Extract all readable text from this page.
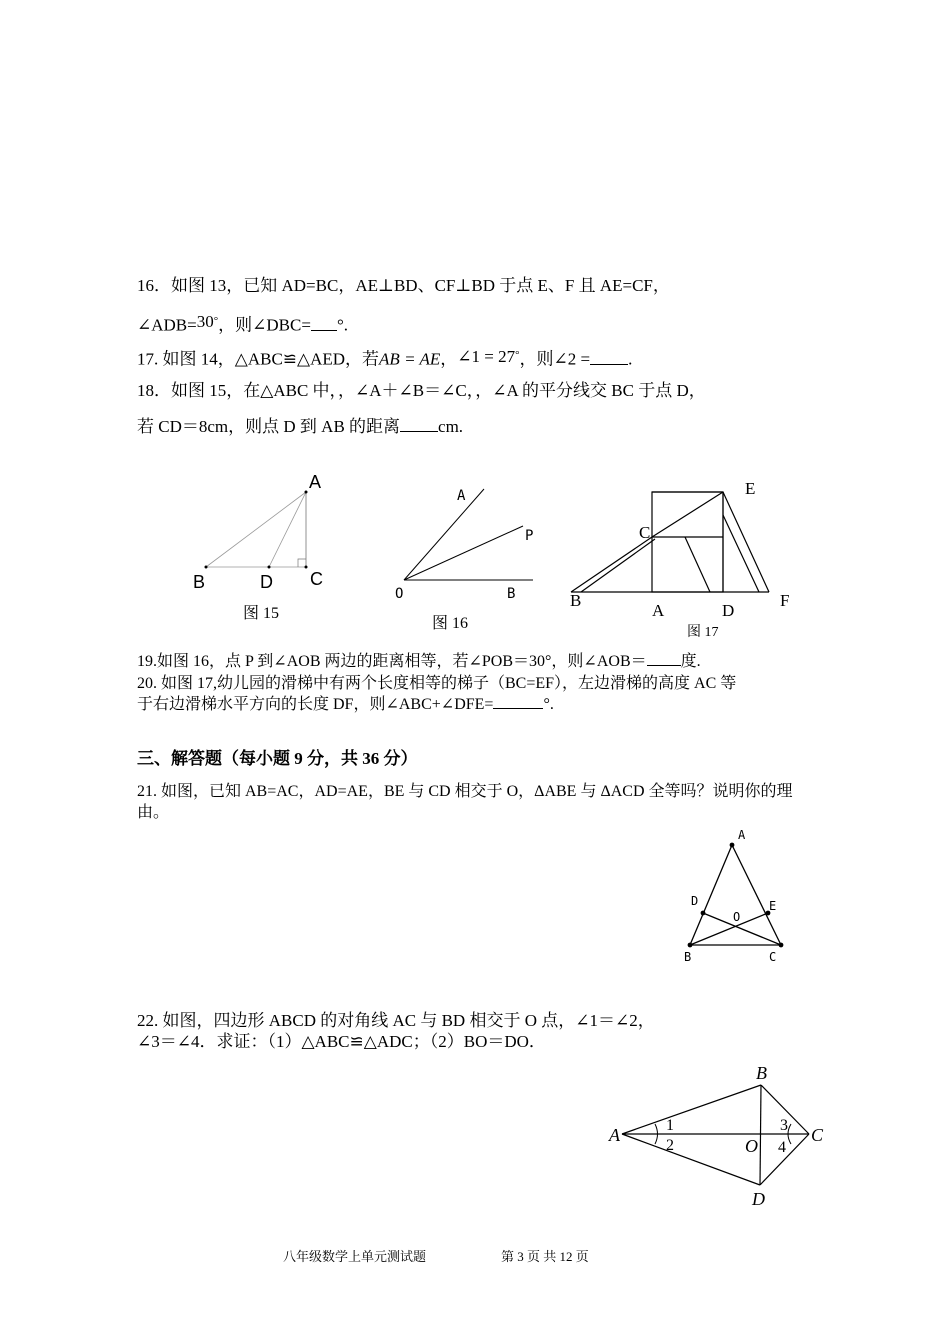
16．如图 13，已知 AD=BC，AE⊥BD、CF⊥BD 于点 E、F 且 AE=CF，
∠ADB=30°，则∠DBC= °.
17. 如图 14，△ABC≌△AED，若AB = AE，∠1 = 27°，则∠2 = .
18．如图 15，在△ABC 中，，∠A＋∠B＝∠C，，∠A 的平分线交 BC 于点 D，
若 CD＝8cm，则点 D 到 AB 的距离 cm.
A
B	D C
图 15
A
P
O	B
图 16
E
C
B
A	D
F
图 17
19.如图 16，点 P 到∠AOB 两边的距离相等，若∠POB＝30°，则∠AOB＝ 度.
20. 如图 17,幼儿园的滑梯中有两个长度相等的梯子（BC=EF），左边滑梯的高度 AC 等
于右边滑梯水平方向的长度 DF，则∠ABC+∠DFE=	°.
三、解答题（每小题 9 分，共 36 分）
21. 如图，已知 AB=AC，AD=AE，BE 与 CD 相交于 O，ΔABE 与 ΔACD 全等吗？说明你的理
由。
A
D	E
O
B	C
22. 如图，四边形 ABCD 的对角线 AC 与 BD 相交于 O 点，∠1＝∠2，
∠3＝∠4．求证：（1）△ABC≌△ADC；（2）BO＝DO．
A
B
C
D
O
1
2
3
4
八年级数学上单元测试题	第 3 页 共 12 页
